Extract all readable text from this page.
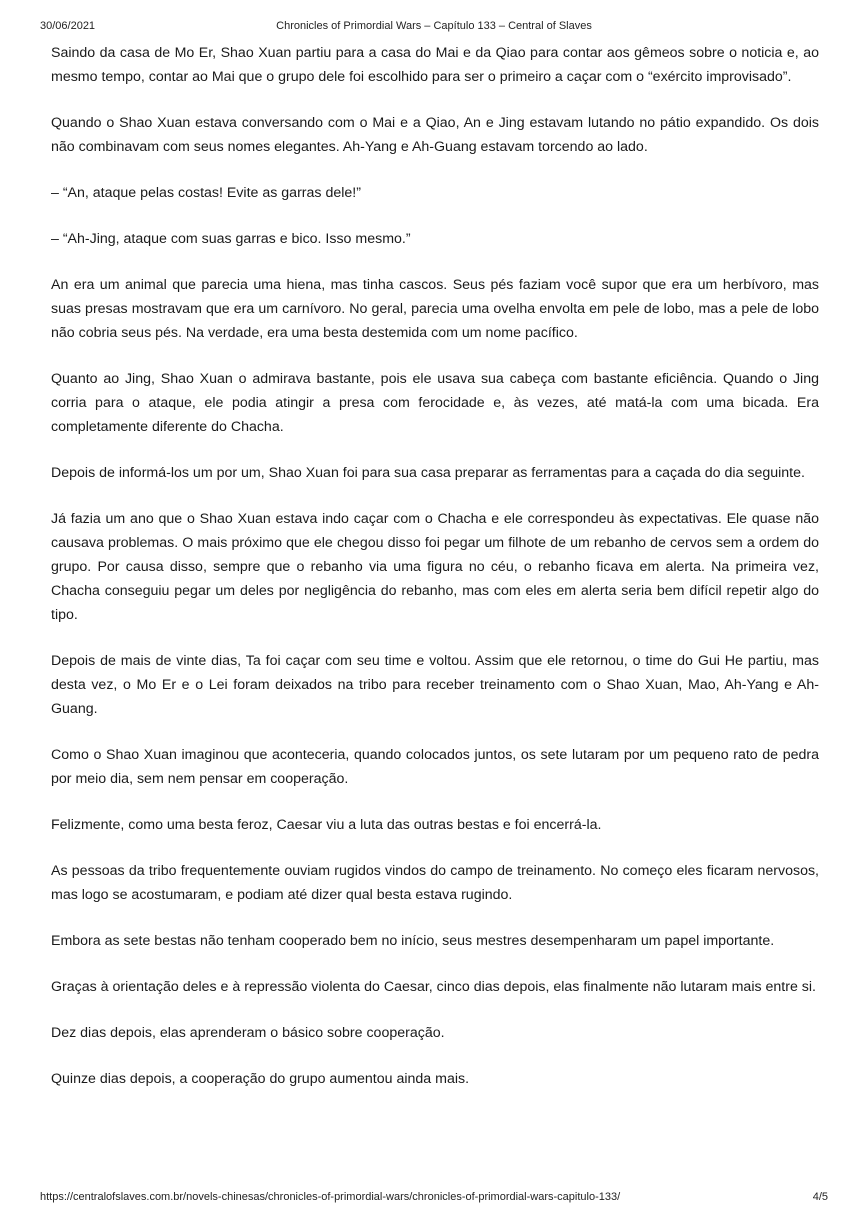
30/06/2021	Chronicles of Primordial Wars – Capítulo 133 – Central of Slaves

Saindo da casa de Mo Er, Shao Xuan partiu para a casa do Mai e da Qiao para contar aos gêmeos sobre o noticia e, ao mesmo tempo, contar ao Mai que o grupo dele foi escolhido para ser o primeiro a caçar com o “exército improvisado”.

Quando o Shao Xuan estava conversando com o Mai e a Qiao, An e Jing estavam lutando no pátio expandido. Os dois não combinavam com seus nomes elegantes. Ah-Yang e Ah-Guang estavam torcendo ao lado.

– “An, ataque pelas costas! Evite as garras dele!”

– “Ah-Jing, ataque com suas garras e bico. Isso mesmo.”

An era um animal que parecia uma hiena, mas tinha cascos. Seus pés faziam você supor que era um herbívoro, mas suas presas mostravam que era um carnívoro. No geral, parecia uma ovelha envolta em pele de lobo, mas a pele de lobo não cobria seus pés. Na verdade, era uma besta destemida com um nome pacífico.

Quanto ao Jing, Shao Xuan o admirava bastante, pois ele usava sua cabeça com bastante eficiência. Quando o Jing corria para o ataque, ele podia atingir a presa com ferocidade e, às vezes, até matá-la com uma bicada. Era completamente diferente do Chacha.

Depois de informá-los um por um, Shao Xuan foi para sua casa preparar as ferramentas para a caçada do dia seguinte.

Já fazia um ano que o Shao Xuan estava indo caçar com o Chacha e ele correspondeu às expectativas. Ele quase não causava problemas. O mais próximo que ele chegou disso foi pegar um filhote de um rebanho de cervos sem a ordem do grupo. Por causa disso, sempre que o rebanho via uma figura no céu, o rebanho ficava em alerta. Na primeira vez, Chacha conseguiu pegar um deles por negligência do rebanho, mas com eles em alerta seria bem difícil repetir algo do tipo.

Depois de mais de vinte dias, Ta foi caçar com seu time e voltou. Assim que ele retornou, o time do Gui He partiu, mas desta vez, o Mo Er e o Lei foram deixados na tribo para receber treinamento com o Shao Xuan, Mao, Ah-Yang e Ah-Guang.

Como o Shao Xuan imaginou que aconteceria, quando colocados juntos, os sete lutaram por um pequeno rato de pedra por meio dia, sem nem pensar em cooperação.

Felizmente, como uma besta feroz, Caesar viu a luta das outras bestas e foi encerrá-la.

As pessoas da tribo frequentemente ouviam rugidos vindos do campo de treinamento. No começo eles ficaram nervosos, mas logo se acostumaram, e podiam até dizer qual besta estava rugindo.

Embora as sete bestas não tenham cooperado bem no início, seus mestres desempenharam um papel importante.

Graças à orientação deles e à repressão violenta do Caesar, cinco dias depois, elas finalmente não lutaram mais entre si.

Dez dias depois, elas aprenderam o básico sobre cooperação.

Quinze dias depois, a cooperação do grupo aumentou ainda mais.

https://centralofslaves.com.br/novels-chinesas/chronicles-of-primordial-wars/chronicles-of-primordial-wars-capitulo-133/	4/5
